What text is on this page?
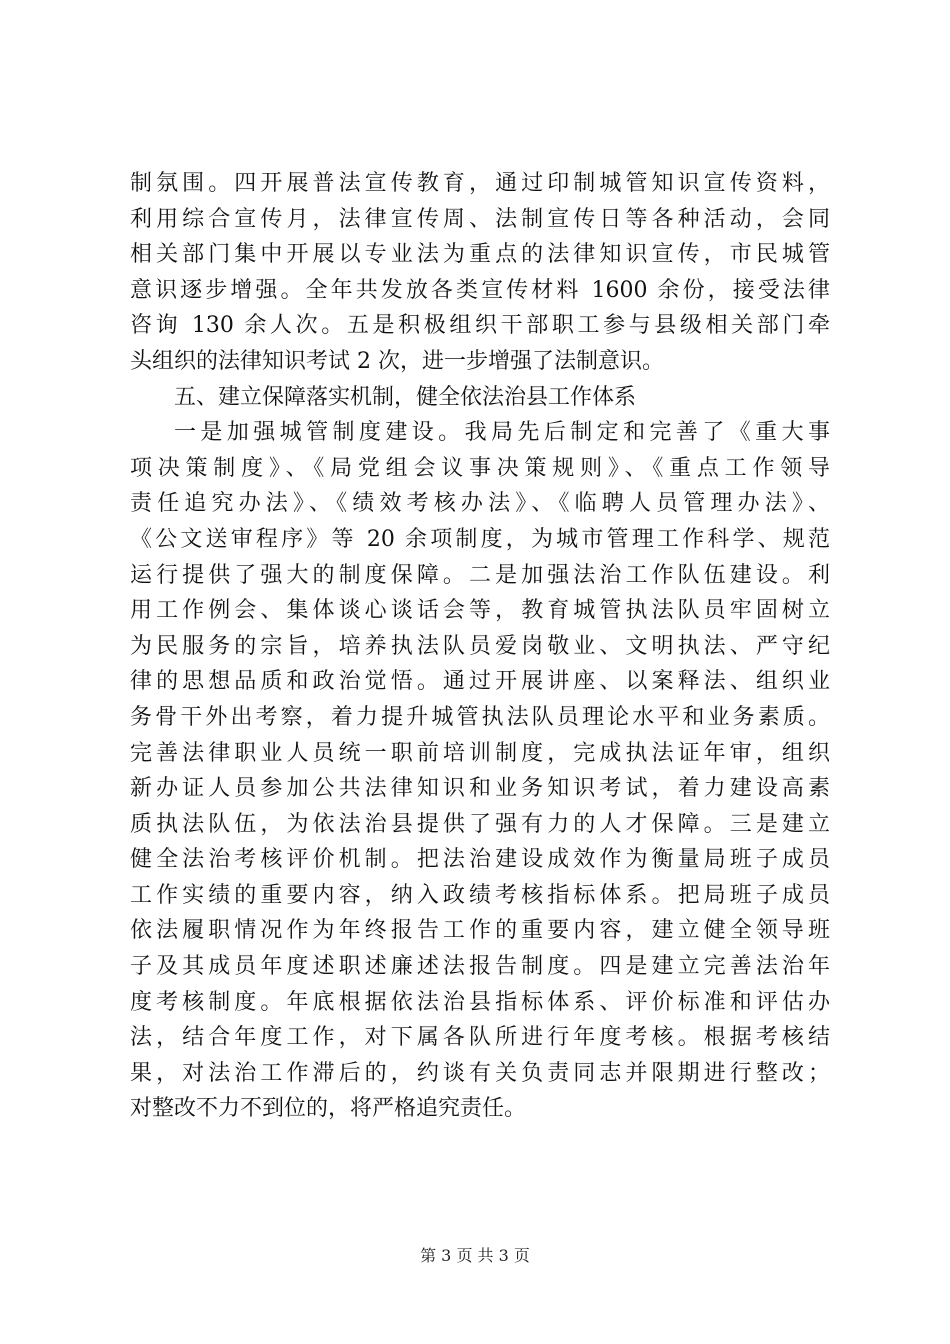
制氛围。四开展普法宣传教育，通过印制城管知识宣传资料，
利用综合宣传月，法律宣传周、法制宣传日等各种活动，会同
相关部门集中开展以专业法为重点的法律知识宣传，市民城管
意识逐步增强。全年共发放各类宣传材料 1600 余份，接受法律
咨询 130 余人次。五是积极组织干部职工参与县级相关部门牵
头组织的法律知识考试 2 次，进一步增强了法制意识。
五、建立保障落实机制，健全依法治县工作体系
一是加强城管制度建设。我局先后制定和完善了《重大事
项决策制度》、《局党组会议事决策规则》、《重点工作领导
责任追究办法》、《绩效考核办法》、《临聘人员管理办法》、
《公文送审程序》等 20 余项制度，为城市管理工作科学、规范
运行提供了强大的制度保障。二是加强法治工作队伍建设。利
用工作例会、集体谈心谈话会等，教育城管执法队员牢固树立
为民服务的宗旨，培养执法队员爱岗敬业、文明执法、严守纪
律的思想品质和政治觉悟。通过开展讲座、以案释法、组织业
务骨干外出考察，着力提升城管执法队员理论水平和业务素质。
完善法律职业人员统一职前培训制度，完成执法证年审，组织
新办证人员参加公共法律知识和业务知识考试，着力建设高素
质执法队伍，为依法治县提供了强有力的人才保障。三是建立
健全法治考核评价机制。把法治建设成效作为衡量局班子成员
工作实绩的重要内容，纳入政绩考核指标体系。把局班子成员
依法履职情况作为年终报告工作的重要内容，建立健全领导班
子及其成员年度述职述廉述法报告制度。四是建立完善法治年
度考核制度。年底根据依法治县指标体系、评价标准和评估办
法，结合年度工作，对下属各队所进行年度考核。根据考核结
果，对法治工作滞后的，约谈有关负责同志并限期进行整改；
对整改不力不到位的，将严格追究责任。
第 3 页 共 3 页
